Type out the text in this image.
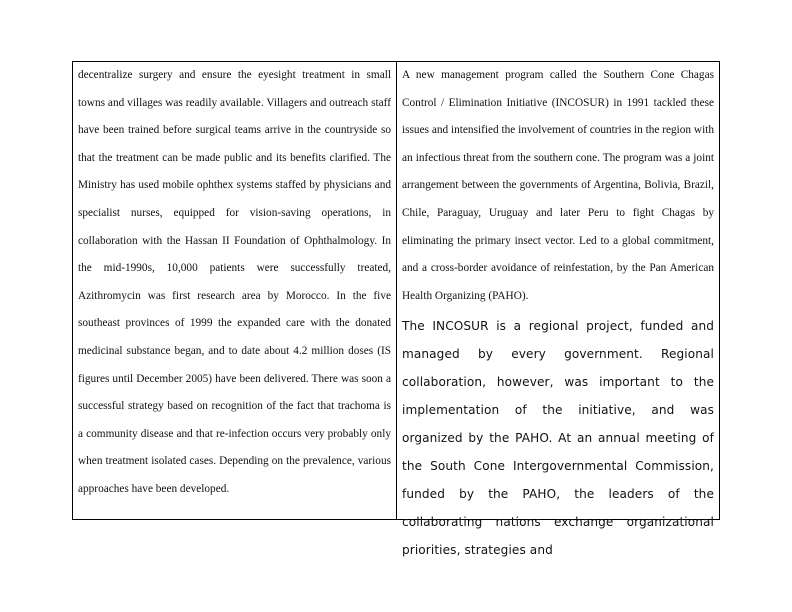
decentralize surgery and ensure the eyesight treatment in small towns and villages was readily available. Villagers and outreach staff have been trained before surgical teams arrive in the countryside so that the treatment can be made public and its benefits clarified. The Ministry has used mobile ophthex systems staffed by physicians and specialist nurses, equipped for vision-saving operations, in collaboration with the Hassan II Foundation of Ophthalmology. In the mid-1990s, 10,000 patients were successfully treated, Azithromycin was first research area by Morocco. In the five southeast provinces of 1999 the expanded care with the donated medicinal substance began, and to date about 4.2 million doses (IS figures until December 2005) have been delivered. There was soon a successful strategy based on recognition of the fact that trachoma is a community disease and that re-infection occurs very probably only when treatment isolated cases. Depending on the prevalence, various approaches have been developed.

A new management program called the Southern Cone Chagas Control / Elimination Initiative (INCOSUR) in 1991 tackled these issues and intensified the involvement of countries in the region with an infectious threat from the southern cone. The program was a joint arrangement between the governments of Argentina, Bolivia, Brazil, Chile, Paraguay, Uruguay and later Peru to fight Chagas by eliminating the primary insect vector. Led to a global commitment, and a cross-border avoidance of reinfestation, by the Pan American Health Organizing (PAHO).

The INCOSUR is a regional project, funded and managed by every government. Regional collaboration, however, was important to the implementation of the initiative, and was organized by the PAHO. At an annual meeting of the South Cone Intergovernmental Commission, funded by the PAHO, the leaders of the collaborating nations exchange organizational priorities, strategies and
